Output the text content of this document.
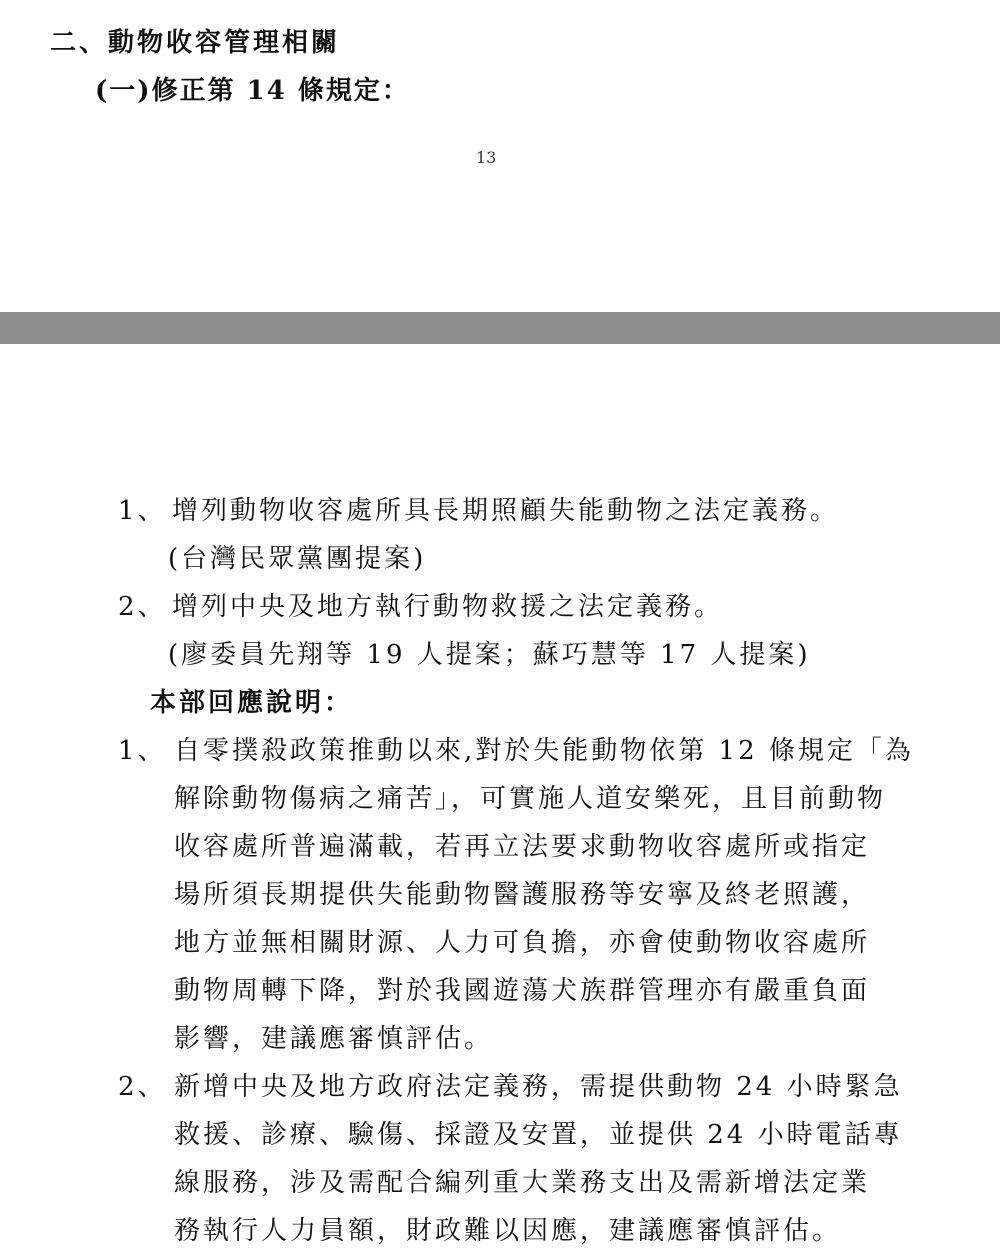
二、動物收容管理相關
(一)修正第 14 條規定：
13
1、 增列動物收容處所具長期照顧失能動物之法定義務。
(台灣民眾黨團提案)
2、 增列中央及地方執行動物救援之法定義務。
(廖委員先翔等 19 人提案；蘇巧慧等 17 人提案)
本部回應說明：
1、 自零撲殺政策推動以來,對於失能動物依第 12 條規定「為
解除動物傷病之痛苦」，可實施人道安樂死，且目前動物
收容處所普遍滿載，若再立法要求動物收容處所或指定
場所須長期提供失能動物醫護服務等安寧及終老照護，
地方並無相關財源、人力可負擔，亦會使動物收容處所
動物周轉下降，對於我國遊蕩犬族群管理亦有嚴重負面
影響，建議應審慎評估。
2、 新增中央及地方政府法定義務，需提供動物 24 小時緊急
救援、診療、驗傷、採證及安置，並提供 24 小時電話專
線服務，涉及需配合編列重大業務支出及需新增法定業
務執行人力員額，財政難以因應，建議應審慎評估。
